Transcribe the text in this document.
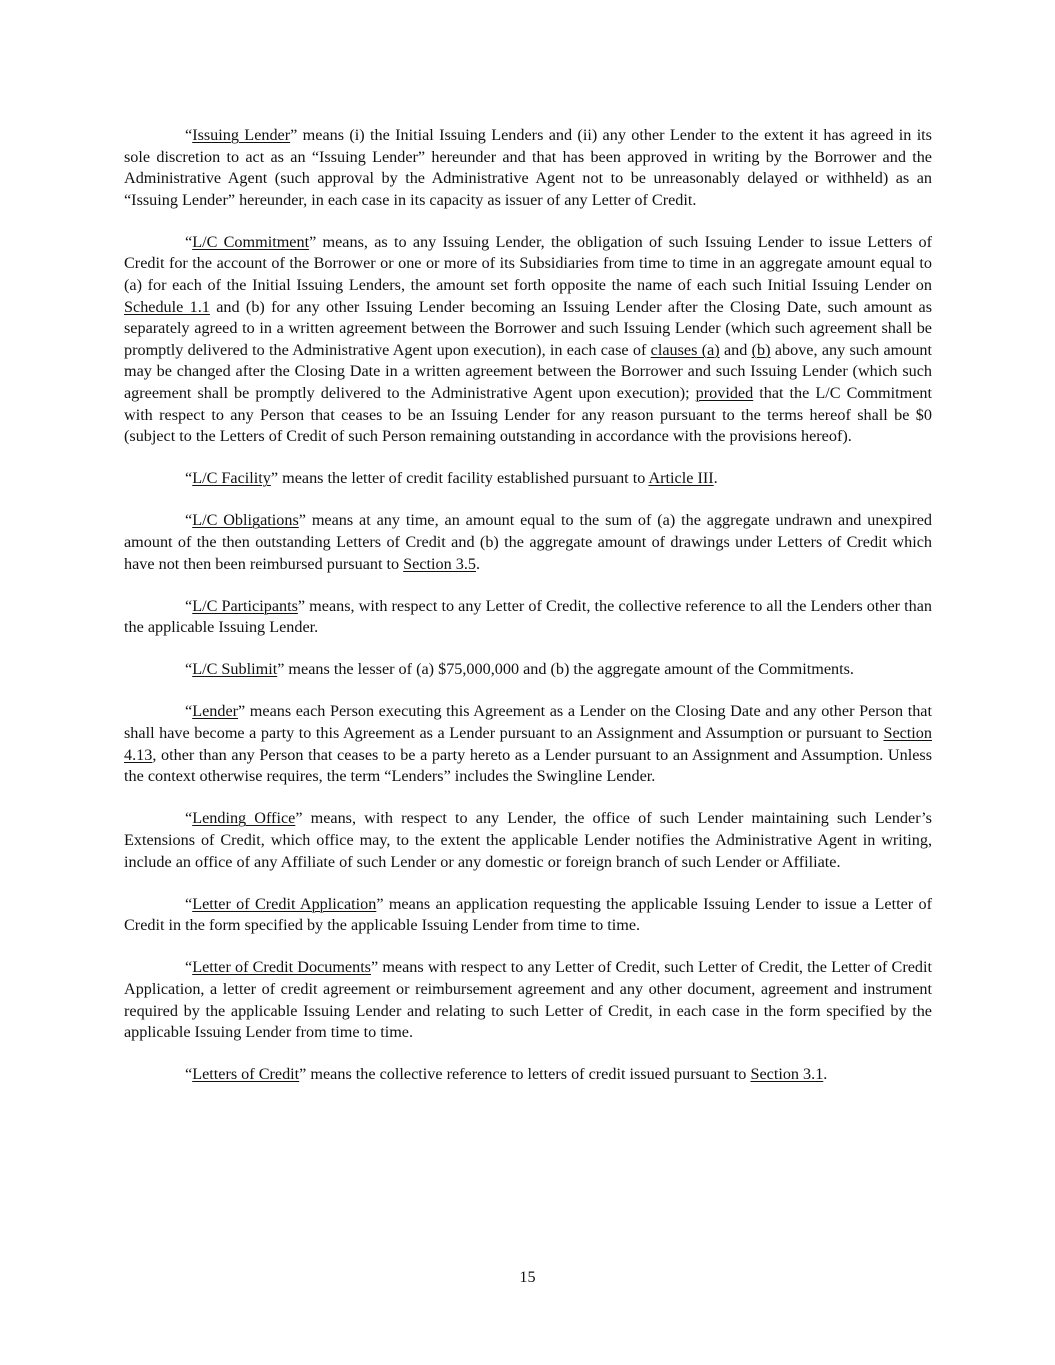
“Issuing Lender” means (i) the Initial Issuing Lenders and (ii) any other Lender to the extent it has agreed in its sole discretion to act as an “Issuing Lender” hereunder and that has been approved in writing by the Borrower and the Administrative Agent (such approval by the Administrative Agent not to be unreasonably delayed or withheld) as an “Issuing Lender” hereunder, in each case in its capacity as issuer of any Letter of Credit.

“L/C Commitment” means, as to any Issuing Lender, the obligation of such Issuing Lender to issue Letters of Credit for the account of the Borrower or one or more of its Subsidiaries from time to time in an aggregate amount equal to (a) for each of the Initial Issuing Lenders, the amount set forth opposite the name of each such Initial Issuing Lender on Schedule 1.1 and (b) for any other Issuing Lender becoming an Issuing Lender after the Closing Date, such amount as separately agreed to in a written agreement between the Borrower and such Issuing Lender (which such agreement shall be promptly delivered to the Administrative Agent upon execution), in each case of clauses (a) and (b) above, any such amount may be changed after the Closing Date in a written agreement between the Borrower and such Issuing Lender (which such agreement shall be promptly delivered to the Administrative Agent upon execution); provided that the L/C Commitment with respect to any Person that ceases to be an Issuing Lender for any reason pursuant to the terms hereof shall be $0 (subject to the Letters of Credit of such Person remaining outstanding in accordance with the provisions hereof).

“L/C Facility” means the letter of credit facility established pursuant to Article III.

“L/C Obligations” means at any time, an amount equal to the sum of (a) the aggregate undrawn and unexpired amount of the then outstanding Letters of Credit and (b) the aggregate amount of drawings under Letters of Credit which have not then been reimbursed pursuant to Section 3.5.

“L/C Participants” means, with respect to any Letter of Credit, the collective reference to all the Lenders other than the applicable Issuing Lender.

“L/C Sublimit” means the lesser of (a) $75,000,000 and (b) the aggregate amount of the Commitments.

“Lender” means each Person executing this Agreement as a Lender on the Closing Date and any other Person that shall have become a party to this Agreement as a Lender pursuant to an Assignment and Assumption or pursuant to Section 4.13, other than any Person that ceases to be a party hereto as a Lender pursuant to an Assignment and Assumption. Unless the context otherwise requires, the term “Lenders” includes the Swingline Lender.

“Lending Office” means, with respect to any Lender, the office of such Lender maintaining such Lender’s Extensions of Credit, which office may, to the extent the applicable Lender notifies the Administrative Agent in writing, include an office of any Affiliate of such Lender or any domestic or foreign branch of such Lender or Affiliate.

“Letter of Credit Application” means an application requesting the applicable Issuing Lender to issue a Letter of Credit in the form specified by the applicable Issuing Lender from time to time.

“Letter of Credit Documents” means with respect to any Letter of Credit, such Letter of Credit, the Letter of Credit Application, a letter of credit agreement or reimbursement agreement and any other document, agreement and instrument required by the applicable Issuing Lender and relating to such Letter of Credit, in each case in the form specified by the applicable Issuing Lender from time to time.

“Letters of Credit” means the collective reference to letters of credit issued pursuant to Section 3.1.

15
